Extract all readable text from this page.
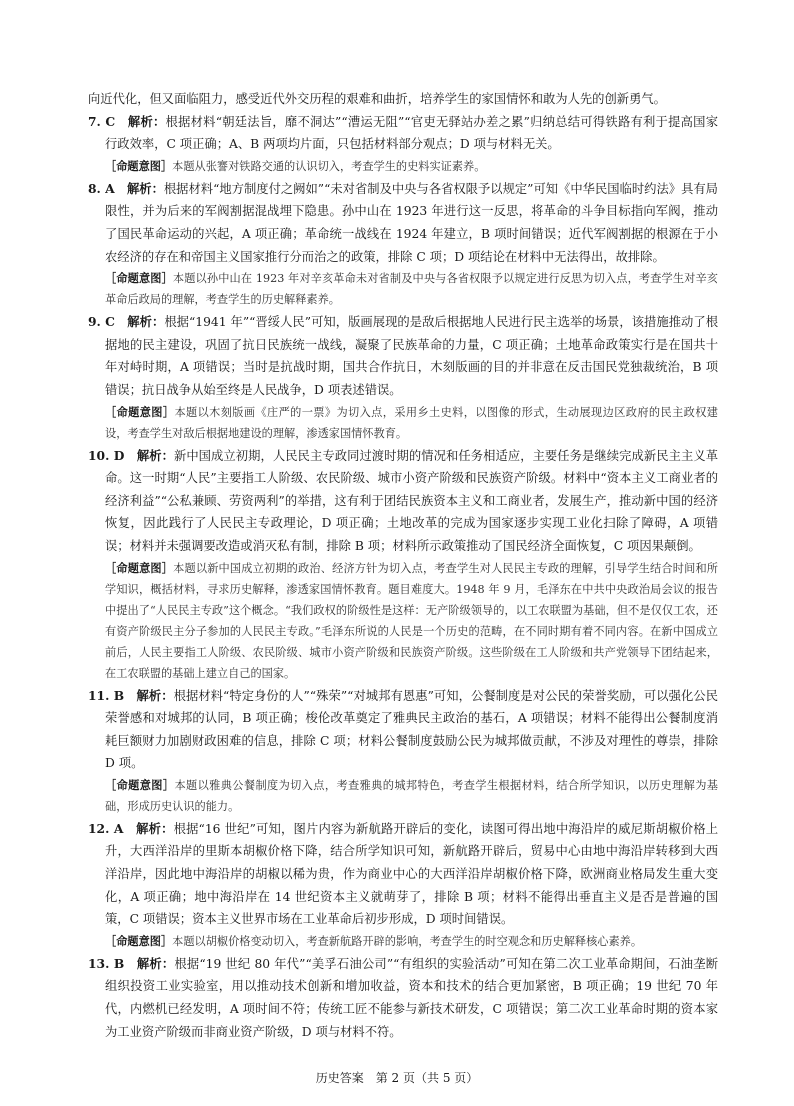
向近代化，但又面临阻力，感受近代外交历程的艰难和曲折，培养学生的家国情怀和敢为人先的创新勇气。

7. C　解析：根据材料“朝廷法旨，靡不洞达”“漕运无阻”“官吏无驿站办差之累”归纳总结可得铁路有利于提高国家行政效率，C 项正确；A、B 两项均片面，只包括材料部分观点；D 项与材料无关。

［命题意图］本题从张謇对铁路交通的认识切入，考查学生的史料实证素养。

8. A　解析：根据材料“地方制度付之阙如”“未对省制及中央与各省权限予以规定”可知《中华民国临时约法》具有局限性，并为后来的军阀割据混战埋下隐患。孙中山在 1923 年进行这一反思，将革命的斗争目标指向军阀，推动了国民革命运动的兴起，A 项正确；革命统一战线在 1924 年建立，B 项时间错误；近代军阀割据的根源在于小农经济的存在和帝国主义国家推行分而治之的政策，排除 C 项；D 项结论在材料中无法得出，故排除。

［命题意图］本题以孙中山在 1923 年对辛亥革命未对省制及中央与各省权限予以规定进行反思为切入点，考查学生对辛亥革命后政局的理解，考查学生的历史解释素养。

9. C　解析：根据“1941 年”“晋绥人民”可知，版画展现的是敌后根据地人民进行民主选举的场景，该措施推动了根据地的民主建设，巩固了抗日民族统一战线，凝聚了民族革命的力量，C 项正确；土地革命政策实行是在国共十年对峙时期，A 项错误；当时是抗战时期，国共合作抗日，木刻版画的目的并非意在反击国民党独裁统治，B 项错误；抗日战争从始至终是人民战争，D 项表述错误。

［命题意图］本题以木刻版画《庄严的一票》为切入点，采用乡土史料，以图像的形式，生动展现边区政府的民主政权建设，考查学生对敌后根据地建设的理解，渗透家国情怀教育。

10. D　解析：新中国成立初期，人民民主专政同过渡时期的情况和任务相适应，主要任务是继续完成新民主主义革命。这一时期“人民”主要指工人阶级、农民阶级、城市小资产阶级和民族资产阶级。材料中“资本主义工商业者的经济利益”“公私兼顾、劳资两利”的举措，这有利于团结民族资本主义和工商业者，发展生产，推动新中国的经济恢复，因此践行了人民民主专政理论，D 项正确；土地改革的完成为国家逐步实现工业化扫除了障碍，A 项错误；材料并未强调要改造或消灭私有制，排除 B 项；材料所示政策推动了国民经济全面恢复，C 项因果颠倒。

［命题意图］本题以新中国成立初期的政治、经济方针为切入点，考查学生对人民民主专政的理解，引导学生结合时间和所学知识，概括材料，寻求历史解释，渗透家国情怀教育。题目难度大。1948 年 9 月，毛泽东在中共中央政治局会议的报告中提出了“人民民主专政”这个概念。“我们政权的阶级性是这样：无产阶级领导的，以工农联盟为基础，但不是仅仅工农，还有资产阶级民主分子参加的人民民主专政。”毛泽东所说的人民是一个历史的范畴，在不同时期有着不同内容。在新中国成立前后，人民主要指工人阶级、农民阶级、城市小资产阶级和民族资产阶级。这些阶级在工人阶级和共产党领导下团结起来，在工农联盟的基础上建立自己的国家。

11. B　解析：根据材料“特定身份的人”“殊荣”“对城邦有恩惠”可知，公餐制度是对公民的荣誉奖励，可以强化公民荣誉感和对城邦的认同，B 项正确；梭伦改革奠定了雅典民主政治的基石，A 项错误；材料不能得出公餐制度消耗巨额财力加剧财政困难的信息，排除 C 项；材料公餐制度鼓励公民为城邦做贡献，不涉及对理性的尊崇，排除 D 项。

［命题意图］本题以雅典公餐制度为切入点，考查雅典的城邦特色，考查学生根据材料，结合所学知识，以历史理解为基础，形成历史认识的能力。

12. A　解析：根据“16 世纪”可知，图片内容为新航路开辟后的变化，读图可得出地中海沿岸的威尼斯胡椒价格上升，大西洋沿岸的里斯本胡椒价格下降，结合所学知识可知，新航路开辟后，贸易中心由地中海沿岸转移到大西洋沿岸，因此地中海沿岸的胡椒以稀为贵，作为商业中心的大西洋沿岸胡椒价格下降，欧洲商业格局发生重大变化，A 项正确；地中海沿岸在 14 世纪资本主义就萌芽了，排除 B 项；材料不能得出垂直主义是否是普遍的国策，C 项错误；资本主义世界市场在工业革命后初步形成，D 项时间错误。

［命题意图］本题以胡椒价格变动切入，考查新航路开辟的影响，考查学生的时空观念和历史解释核心素养。

13. B　解析：根据“19 世纪 80 年代”“美孚石油公司”“有组织的实验活动”可知在第二次工业革命期间，石油垄断组织投资工业实验室，用以推动技术创新和增加收益，资本和技术的结合更加紧密，B 项正确；19 世纪 70 年代，内燃机已经发明，A 项时间不符；传统工匠不能参与新技术研发，C 项错误；第二次工业革命时期的资本家为工业资产阶级而非商业资产阶级，D 项与材料不符。

历史答案　第 2 页（共 5 页）
